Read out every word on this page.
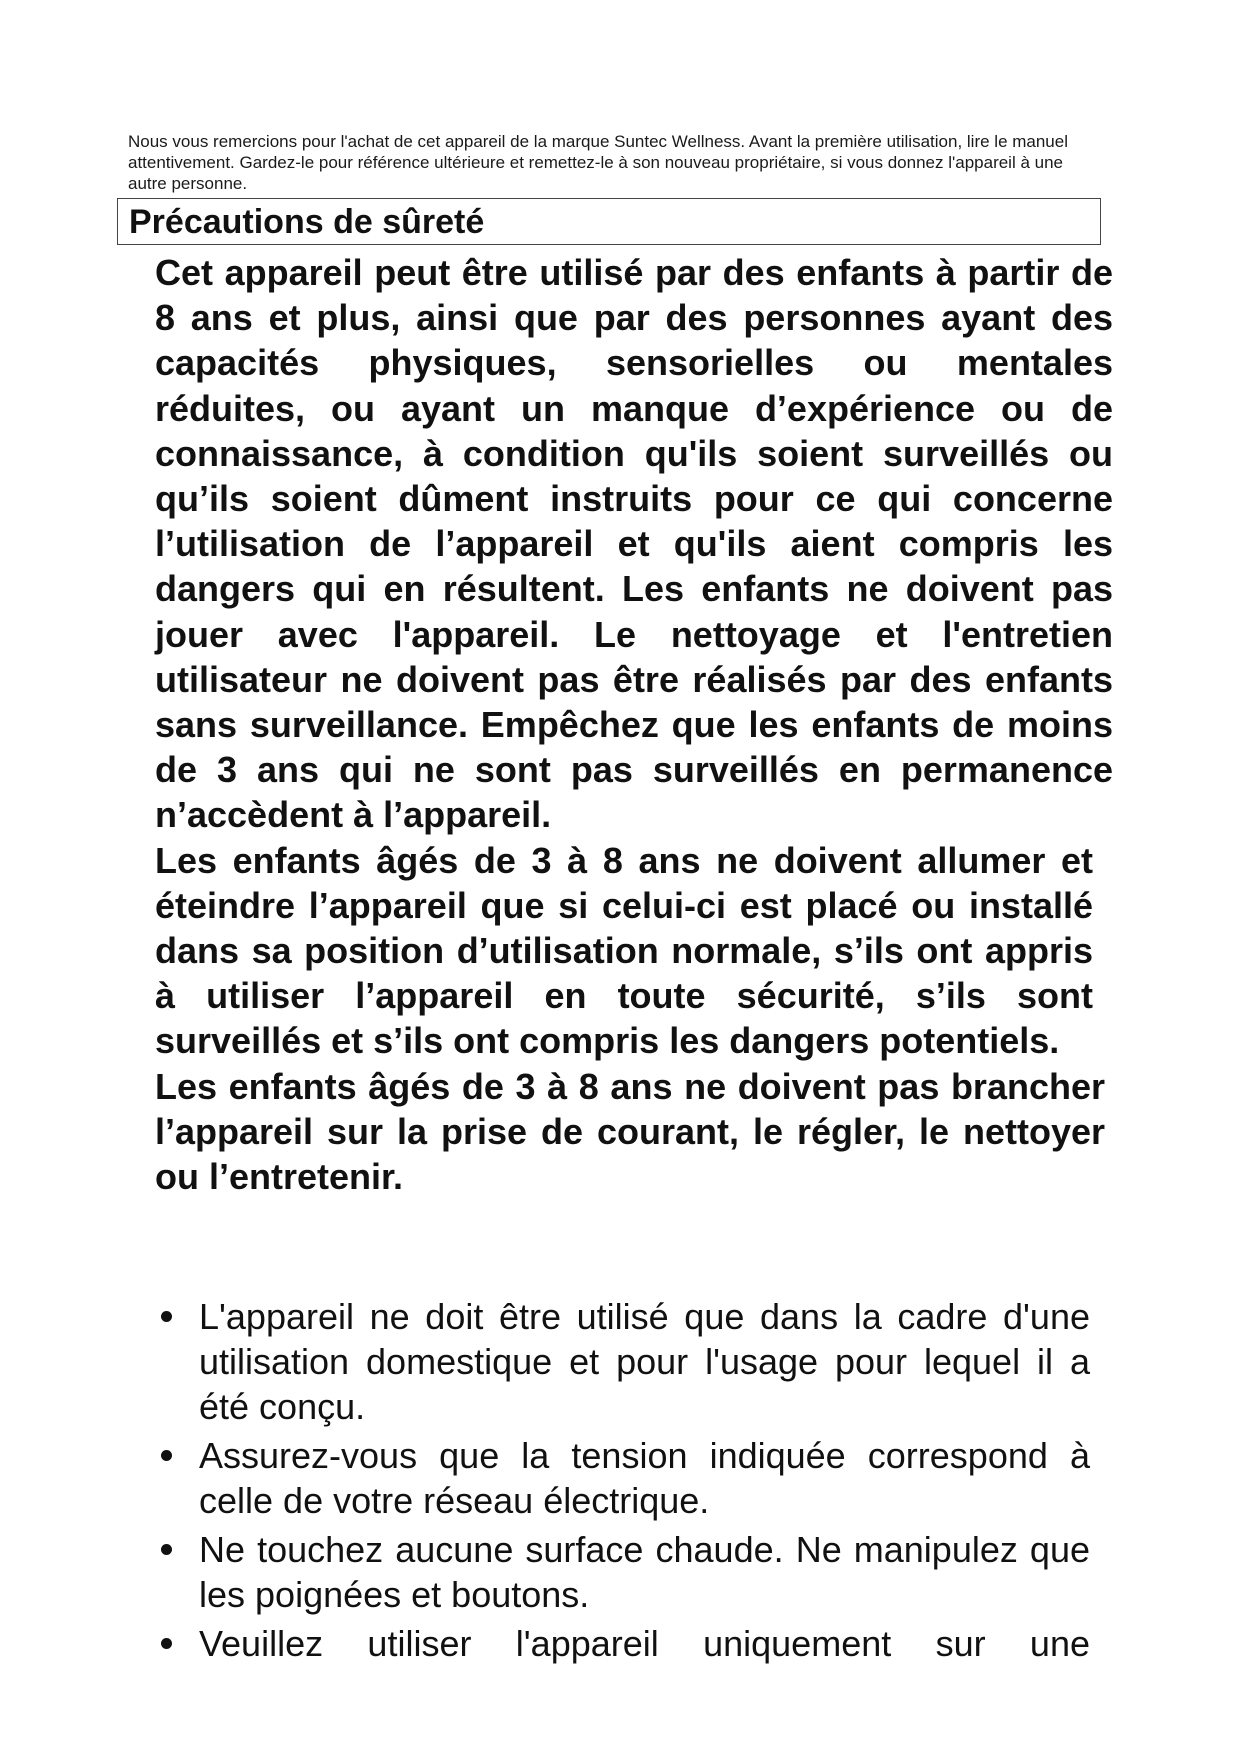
Nous vous remercions pour l'achat de cet appareil de la marque Suntec Wellness. Avant la première utilisation, lire le manuel attentivement. Gardez-le pour référence ultérieure et remettez-le à son nouveau propriétaire, si vous donnez l'appareil à une autre personne.
Précautions de sûreté

Cet appareil peut être utilisé par des enfants à partir de 8 ans et plus, ainsi que par des personnes ayant des capacités physiques, sensorielles ou mentales réduites, ou ayant un manque d’expérience ou de connaissance, à condition qu'ils soient surveillés ou qu’ils soient dûment instruits pour ce qui concerne l’utilisation de l’appareil et qu'ils aient compris les dangers qui en résultent. Les enfants ne doivent pas jouer avec l'appareil. Le nettoyage et l'entretien utilisateur ne doivent pas être réalisés par des enfants sans surveillance. Empêchez que les enfants de moins de 3 ans qui ne sont pas surveillés en permanence n’accèdent à l’appareil.

Les enfants âgés de 3 à 8 ans ne doivent allumer et éteindre l’appareil que si celui-ci est placé ou installé dans sa position d’utilisation normale, s’ils ont appris à utiliser l’appareil en toute sécurité, s’ils sont surveillés et s’ils ont compris les dangers potentiels.

Les enfants âgés de 3 à 8 ans ne doivent pas brancher l’appareil sur la prise de courant, le régler, le nettoyer ou l’entretenir.

L'appareil ne doit être utilisé que dans la cadre d'une utilisation domestique et pour l'usage pour lequel il a été conçu.
Assurez-vous que la tension indiquée correspond à celle de votre réseau électrique.
Ne touchez aucune surface chaude. Ne manipulez que les poignées et boutons.
Veuillez utiliser l'appareil uniquement sur une
